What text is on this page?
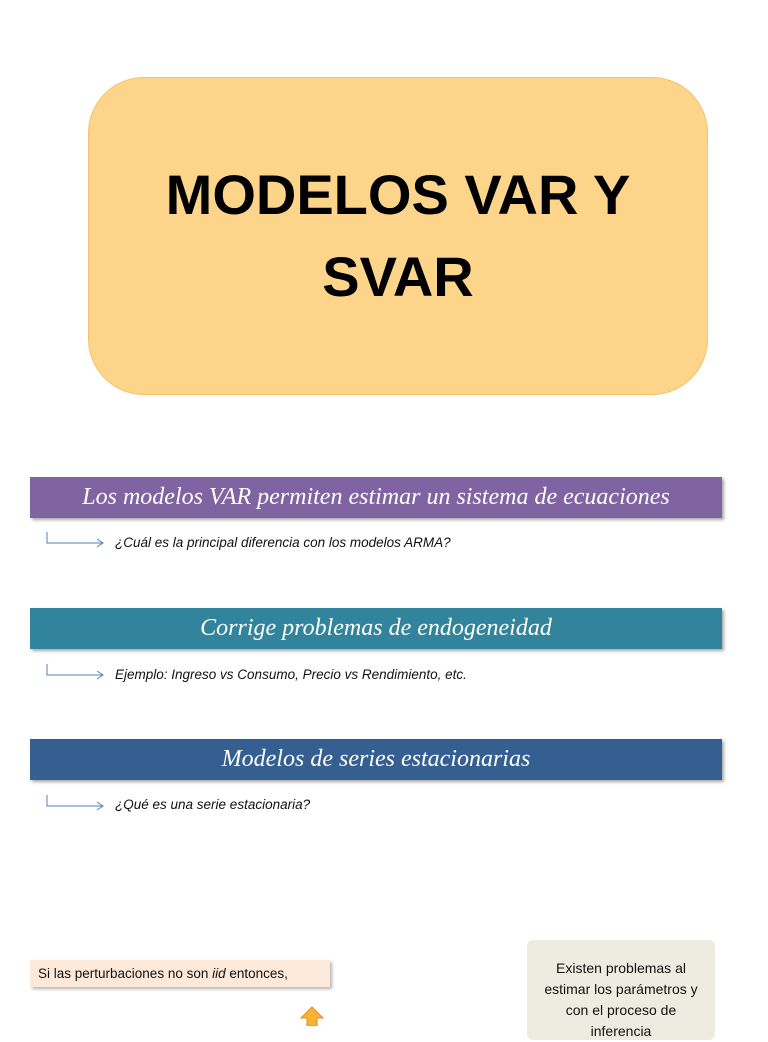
MODELOS VAR Y
SVAR
Los modelos VAR permiten estimar un sistema de ecuaciones
¿Cuál es la principal diferencia con los modelos ARMA?
Corrige problemas de endogeneidad
Ejemplo: Ingreso vs Consumo, Precio vs Rendimiento, etc.
Modelos de series estacionarias
¿Qué es una serie estacionaria?
Si las perturbaciones no son iid entonces,	Existen problemas al
estimar los parámetros y
con el proceso de
inferencia
